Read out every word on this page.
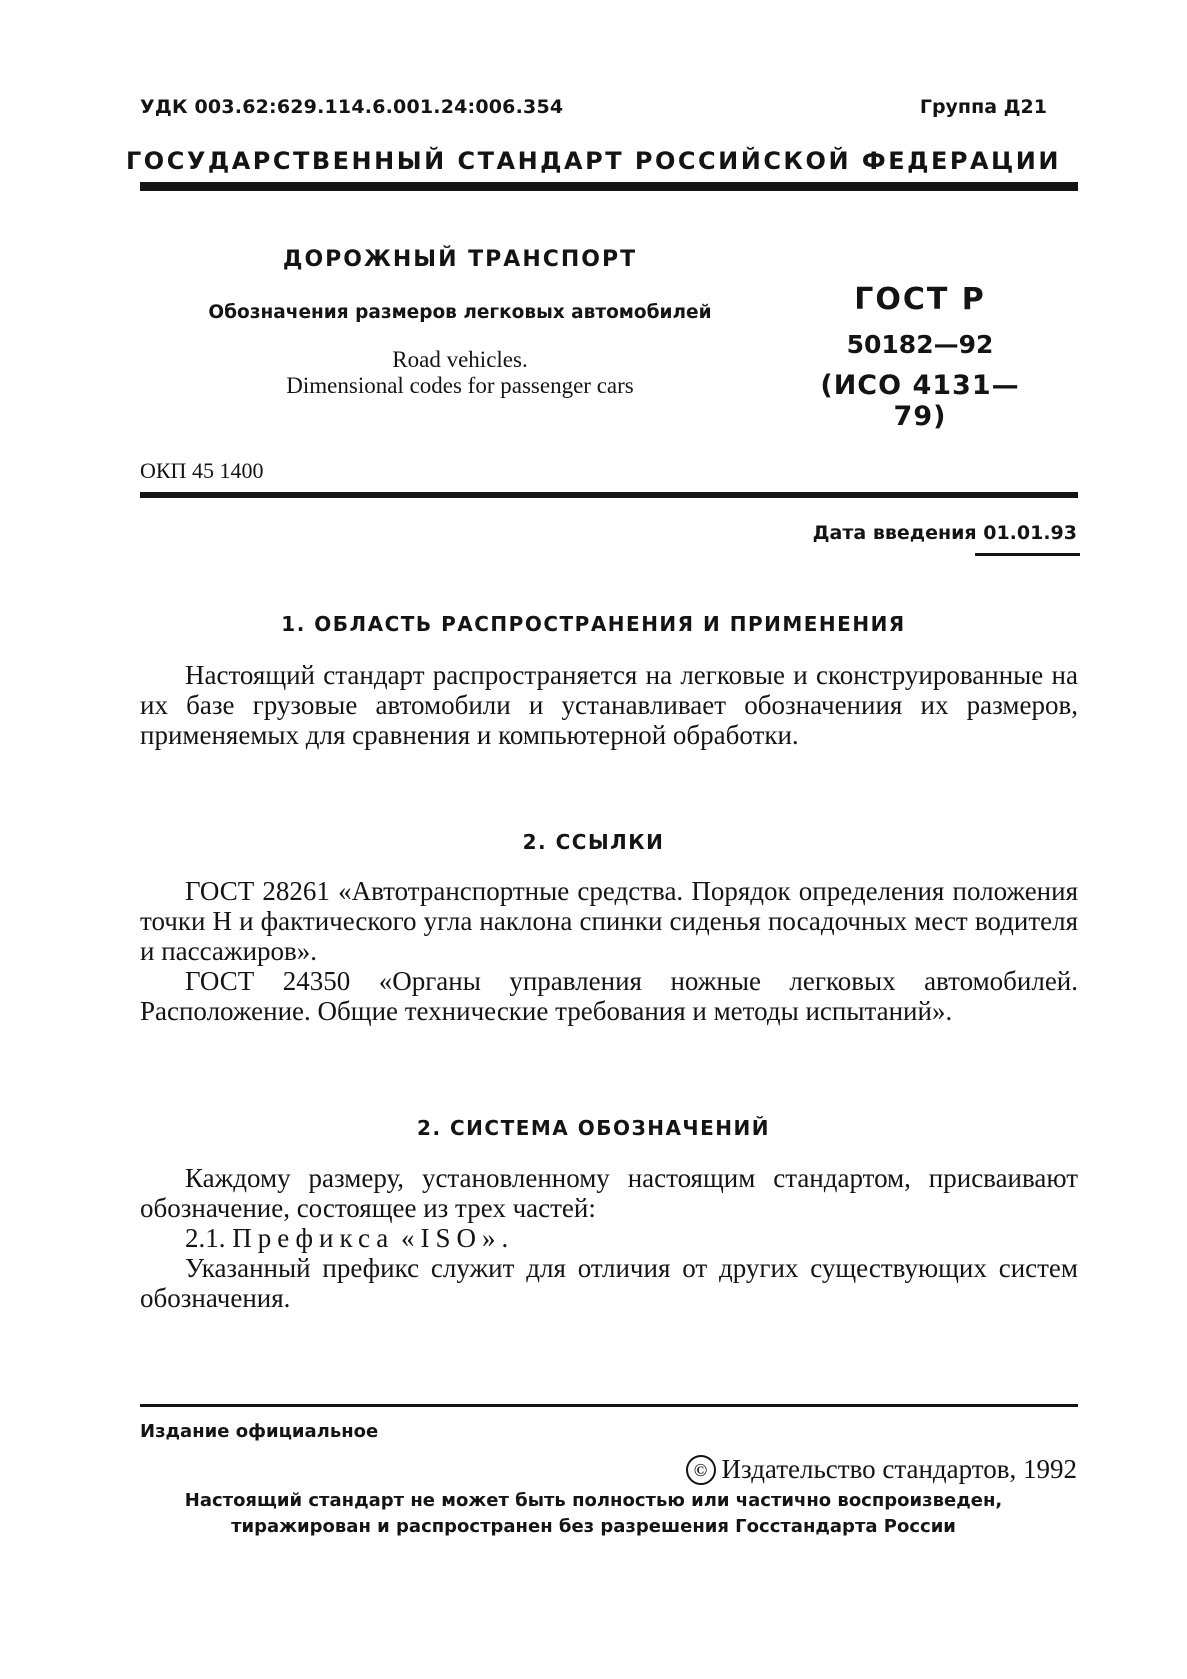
УДК 003.62:629.114.6.001.24:006.354	Группа Д21
ГОСУДАРСТВЕННЫЙ СТАНДАРТ РОССИЙСКОЙ ФЕДЕРАЦИИ
ДОРОЖНЫЙ ТРАНСПОРТ
Обозначения размеров легковых автомобилей
Road vehicles.
Dimensional codes for passenger cars
ГОСТ Р
50182—92
(ИСО 4131—79)
ОКП 45 1400
Дата введения 01.01.93
1. ОБЛАСТЬ РАСПРОСТРАНЕНИЯ И ПРИМЕНЕНИЯ

Настоящий стандарт распространяется на легковые и сконструированные на их базе грузовые автомобили и устанавливает обозначениия их размеров, применяемых для сравнения и компьютерной обработки.

2. ССЫЛКИ

ГОСТ 28261 «Автотранспортные средства. Порядок определения положения точки Н и фактического угла наклона спинки сиденья посадочных мест водителя и пассажиров».

ГОСТ 24350 «Органы управления ножные легковых автомобилей. Расположение. Общие технические требования и методы испытаний».

2. СИСТЕМА ОБОЗНАЧЕНИЙ

Каждому размеру, установленному настоящим стандартом, присваивают обозначение, состоящее из трех частей:

2.1. Префикса «ISO».

Указанный префикс служит для отличия от других существующих систем обозначения.

Издание официальное
© Издательство стандартов, 1992
Настоящий стандарт не может быть полностью или частично воспроизведен,
тиражирован и распространен без разрешения Госстандарта России
